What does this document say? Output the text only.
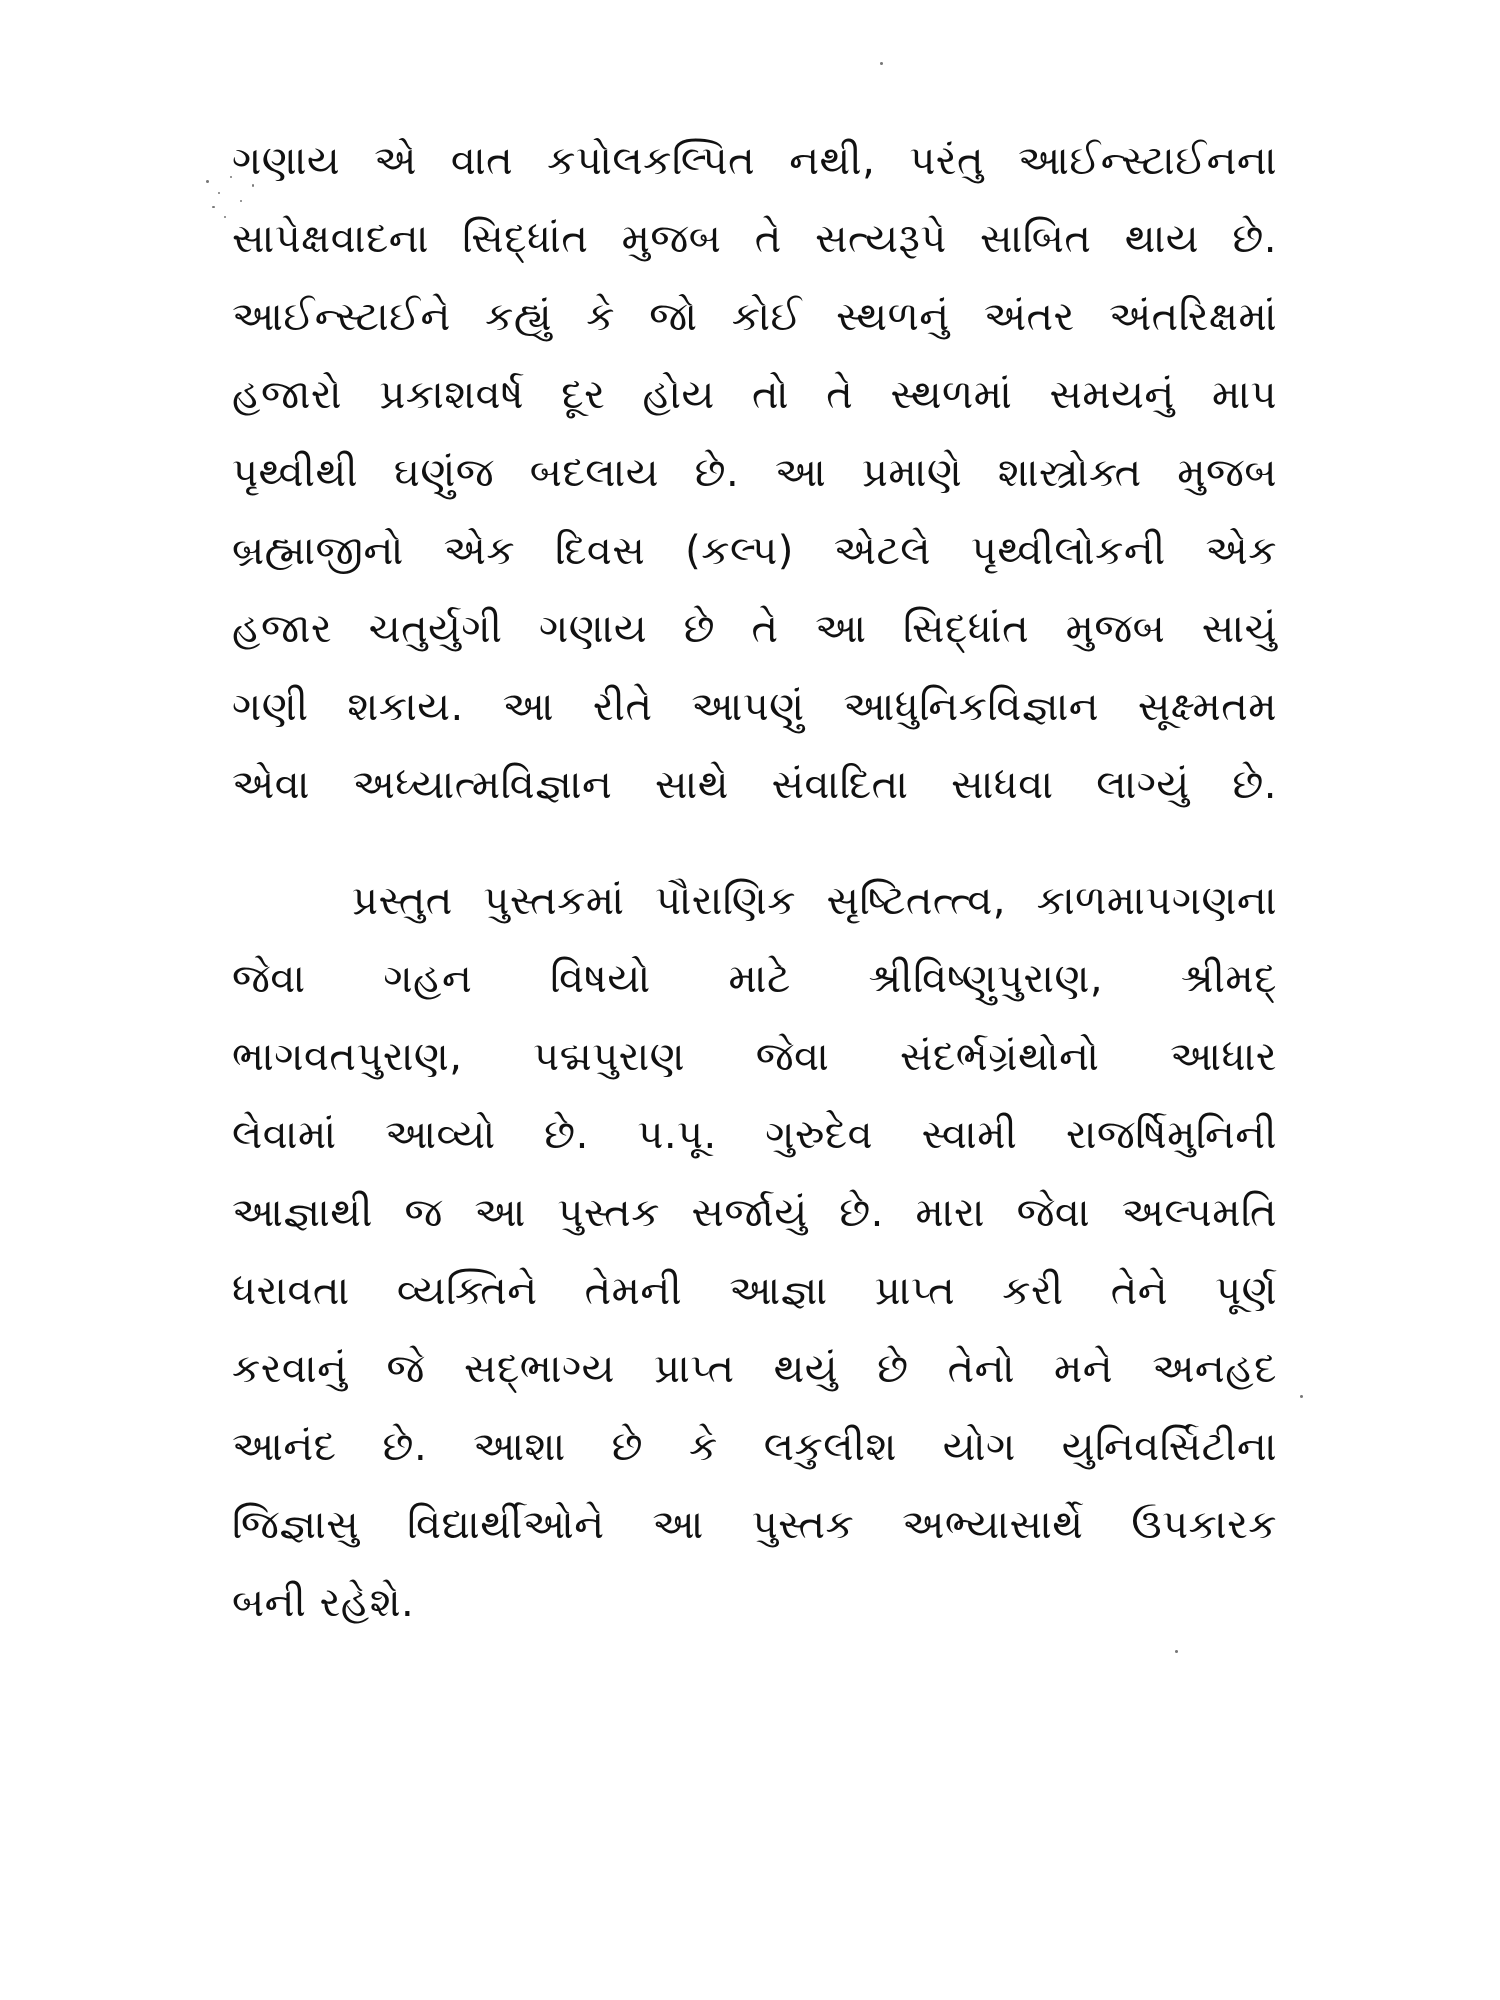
ગણાય એ વાત કપોલકલ્પિત નથી, પરંતુ આઈન્સ્ટાઈનના
સાપેક્ષવાદના સિદ્ધાંત મુજબ તે સત્યરૂપે સાબિત થાય છે.
આઈન્સ્ટાઈને કહ્યું કે જો કોઈ સ્થળનું અંતર અંતરિક્ષમાં
હજારો પ્રકાશવર્ષ દૂર હોય તો તે સ્થળમાં સમયનું માપ
પૃથ્વીથી ઘણુંજ બદલાય છે. આ પ્રમાણે શાસ્ત્રોક્ત મુજબ
બ્રહ્માજીનો એક દિવસ (કલ્પ) એટલે પૃથ્વીલોકની એક
હજાર ચતુર્યુગી ગણાય છે તે આ સિદ્ધાંત મુજબ સાચું
ગણી શકાય. આ રીતે આપણું આધુનિકવિજ્ઞાન સૂક્ષ્મતમ
એવા અધ્યાત્મવિજ્ઞાન સાથે સંવાદિતા સાધવા લાગ્યું છે.
પ્રસ્તુત પુસ્તકમાં પૌરાણિક સૃષ્ટિતત્ત્વ, કાળમાપગણના
જેવા ગહન વિષયો માટે શ્રીવિષ્ણુપુરાણ, શ્રીમદ્
ભાગવતપુરાણ, પદ્મપુરાણ જેવા સંદર્ભગ્રંથોનો આધાર
લેવામાં આવ્યો છે. પ.પૂ. ગુરુદેવ સ્વામી રાજર્ષિમુનિની
આજ્ઞાથી જ આ પુસ્તક સર્જાયું છે. મારા જેવા અલ્પમતિ
ધરાવતા વ્યક્તિને તેમની આજ્ઞા પ્રાપ્ત કરી તેને પૂર્ણ
કરવાનું જે સદ્ભાગ્ય પ્રાપ્ત થયું છે તેનો મને અનહદ
આનંદ છે. આશા છે કે લકુલીશ યોગ યુનિવર્સિટીના
જિજ્ઞાસુ વિદ્યાર્થીઓને આ પુસ્તક અભ્યાસાર્થે ઉપકારક
બની રહેશે.
